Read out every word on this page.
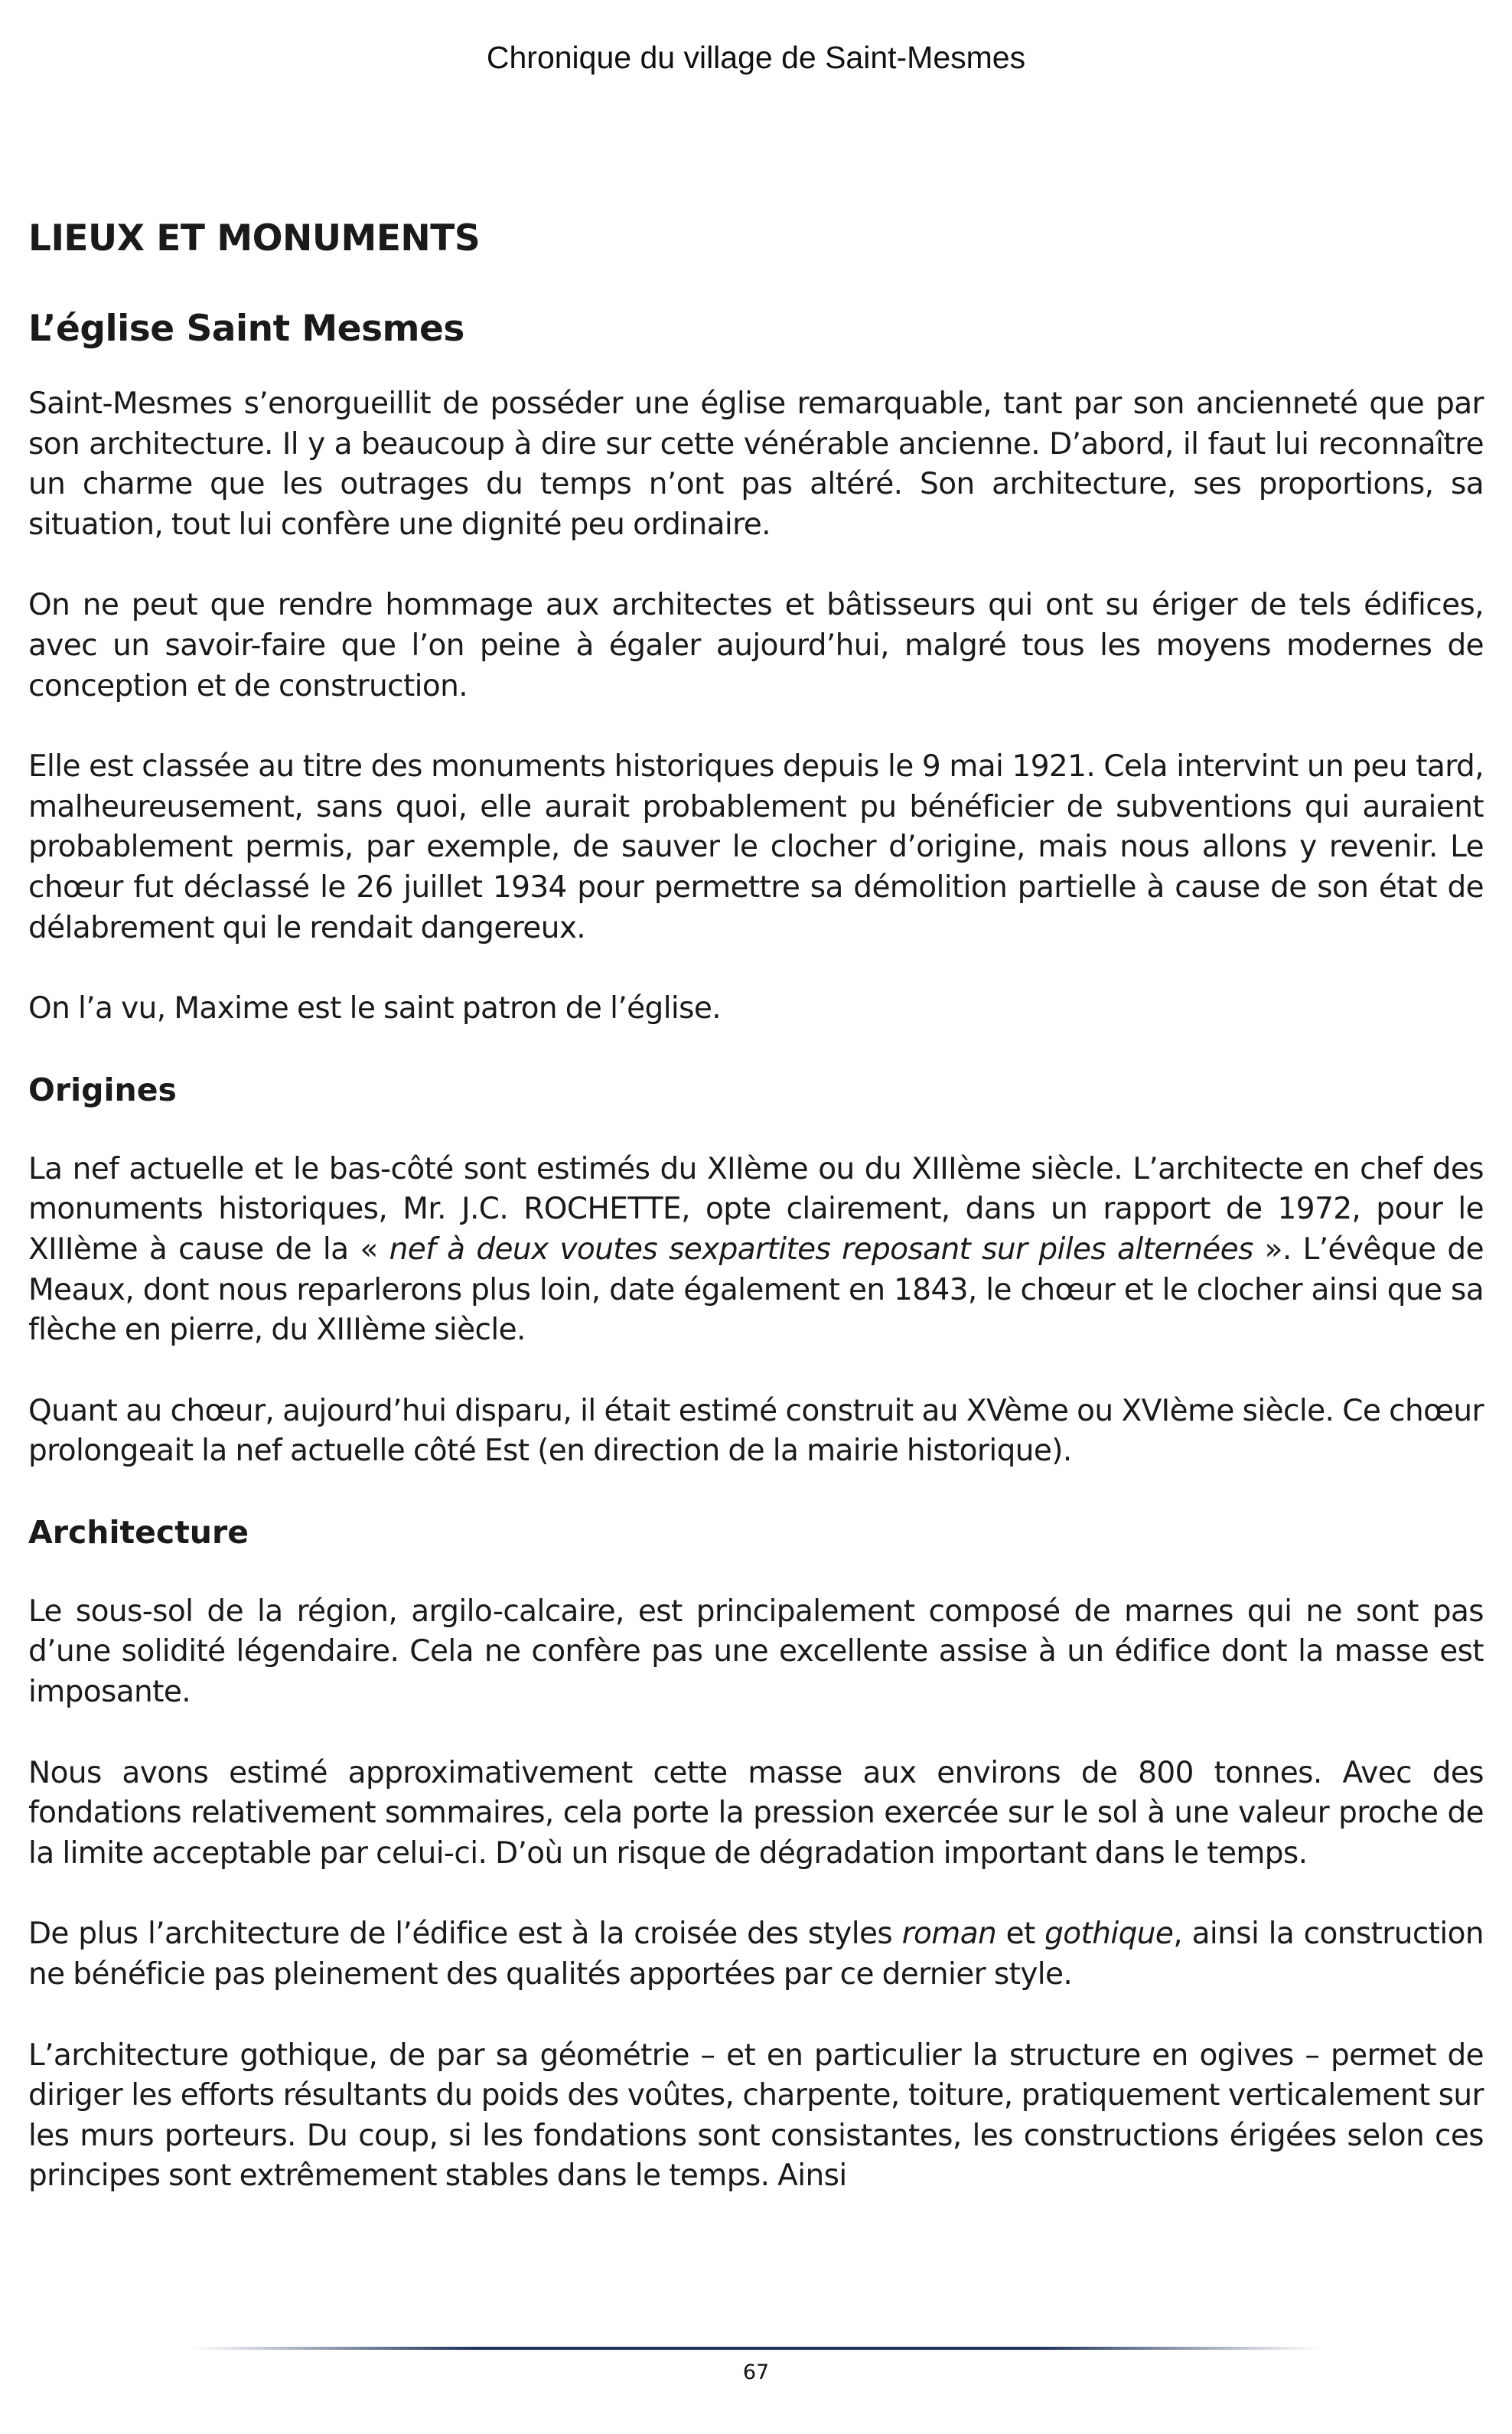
Chronique du village de Saint-Mesmes
LIEUX ET MONUMENTS
L’église Saint Mesmes

Saint-Mesmes s’enorgueillit de posséder une église remarquable, tant par son ancienneté que par son architecture. Il y a beaucoup à dire sur cette vénérable ancienne. D’abord, il faut lui reconnaître un charme que les outrages du temps n’ont pas altéré. Son architecture, ses proportions, sa situation, tout lui confère une dignité peu ordinaire.

On ne peut que rendre hommage aux architectes et bâtisseurs qui ont su ériger de tels édifices, avec un savoir-faire que l’on peine à égaler aujourd’hui, malgré tous les moyens modernes de conception et de construction.

Elle est classée au titre des monuments historiques depuis le 9 mai 1921. Cela intervint un peu tard, malheureusement, sans quoi, elle aurait probablement pu bénéficier de subventions qui auraient probablement permis, par exemple, de sauver le clocher d’origine, mais nous allons y revenir. Le chœur fut déclassé le 26 juillet 1934 pour permettre sa démolition partielle à cause de son état de délabrement qui le rendait dangereux.

On l’a vu, Maxime est le saint patron de l’église.

Origines

La nef actuelle et le bas-côté sont estimés du XIIème ou du XIIIème siècle. L’architecte en chef des monuments historiques, Mr. J.C. ROCHETTE, opte clairement, dans un rapport de 1972, pour le XIIIème à cause de la « nef à deux voutes sexpartites reposant sur piles alternées ». L’évêque de Meaux, dont nous reparlerons plus loin, date également en 1843, le chœur et le clocher ainsi que sa flèche en pierre, du XIIIème siècle.

Quant au chœur, aujourd’hui disparu, il était estimé construit au XVème ou XVIème siècle. Ce chœur prolongeait la nef actuelle côté Est (en direction de la mairie historique).

Architecture

Le sous-sol de la région, argilo-calcaire, est principalement composé de marnes qui ne sont pas d’une solidité légendaire. Cela ne confère pas une excellente assise à un édifice dont la masse est imposante.

Nous avons estimé approximativement cette masse aux environs de 800 tonnes. Avec des fondations relativement sommaires, cela porte la pression exercée sur le sol à une valeur proche de la limite acceptable par celui-ci. D’où un risque de dégradation important dans le temps.

De plus l’architecture de l’édifice est à la croisée des styles roman et gothique, ainsi la construction ne bénéficie pas pleinement des qualités apportées par ce dernier style.

L’architecture gothique, de par sa géométrie – et en particulier la structure en ogives – permet de diriger les efforts résultants du poids des voûtes, charpente, toiture, pratiquement verticalement sur les murs porteurs. Du coup, si les fondations sont consistantes, les constructions érigées selon ces principes sont extrêmement stables dans le temps. Ainsi

67
